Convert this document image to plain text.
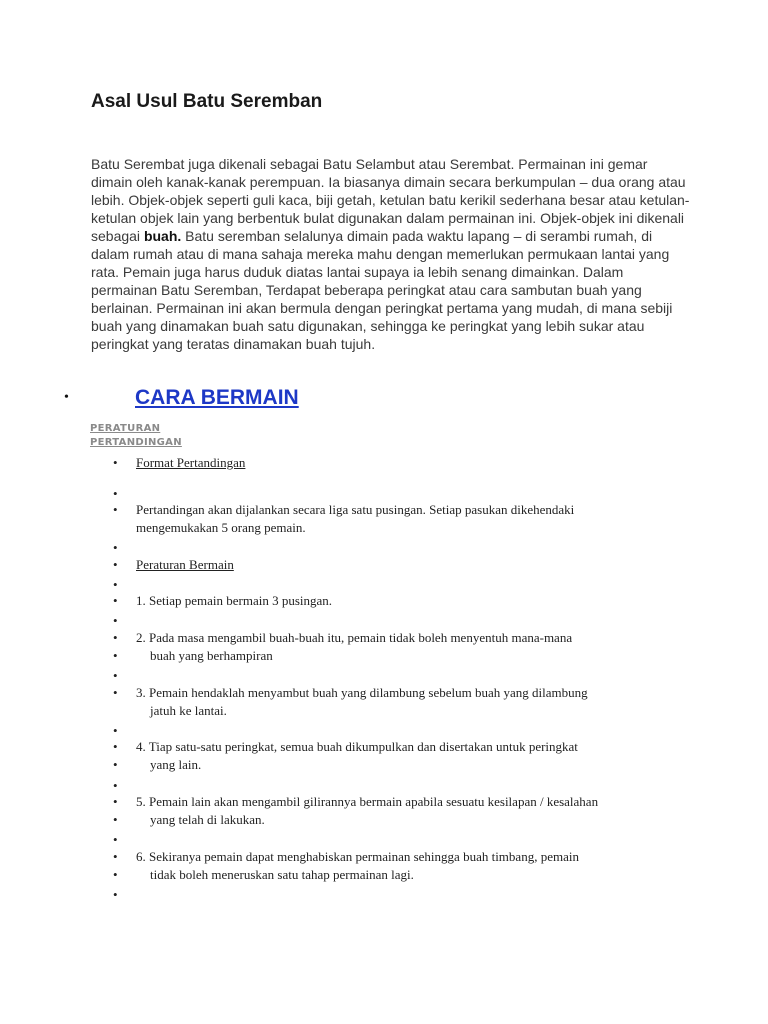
Asal Usul Batu Seremban

Batu Serembat juga dikenali sebagai Batu Selambut atau Serembat. Permainan ini gemar dimain oleh kanak-kanak perempuan. Ia biasanya dimain secara berkumpulan – dua orang atau lebih. Objek-objek seperti guli kaca, biji getah, ketulan batu kerikil sederhana besar atau ketulan-ketulan objek lain yang berbentuk bulat digunakan dalam permainan ini. Objek-objek ini dikenali sebagai buah. Batu seremban selalunya dimain pada waktu lapang – di serambi rumah, di dalam rumah atau di mana sahaja mereka mahu dengan memerlukan permukaan lantai yang rata. Pemain juga harus duduk diatas lantai supaya ia lebih senang dimainkan. Dalam permainan Batu Seremban, Terdapat beberapa peringkat atau cara sambutan buah yang berlainan. Permainan ini akan bermula dengan peringkat pertama yang mudah, di mana sebiji buah yang dinamakan buah satu digunakan, sehingga ke peringkat yang lebih sukar atau peringkat yang teratas dinamakan buah tujuh.

•	CARA BERMAIN
PERATURAN
PERTANDINGAN
• Format Pertandingan
•
• Pertandingan akan dijalankan secara liga satu pusingan. Setiap pasukan dikehendaki
mengemukakan 5 orang pemain.
•
• Peraturan Bermain
•
• 1. Setiap pemain bermain 3 pusingan.
•
• 2. Pada masa mengambil buah-buah itu, pemain tidak boleh menyentuh mana-mana
• buah yang berhampiran
•
• 3. Pemain hendaklah menyambut buah yang dilambung sebelum buah yang dilambung
jatuh ke lantai.
•
• 4. Tiap satu-satu peringkat, semua buah dikumpulkan dan disertakan untuk peringkat
• yang lain.
•
• 5. Pemain lain akan mengambil gilirannya bermain apabila sesuatu kesilapan / kesalahan
• yang telah di lakukan.
•
• 6. Sekiranya pemain dapat menghabiskan permainan sehingga buah timbang, pemain
• tidak boleh meneruskan satu tahap permainan lagi.
•
